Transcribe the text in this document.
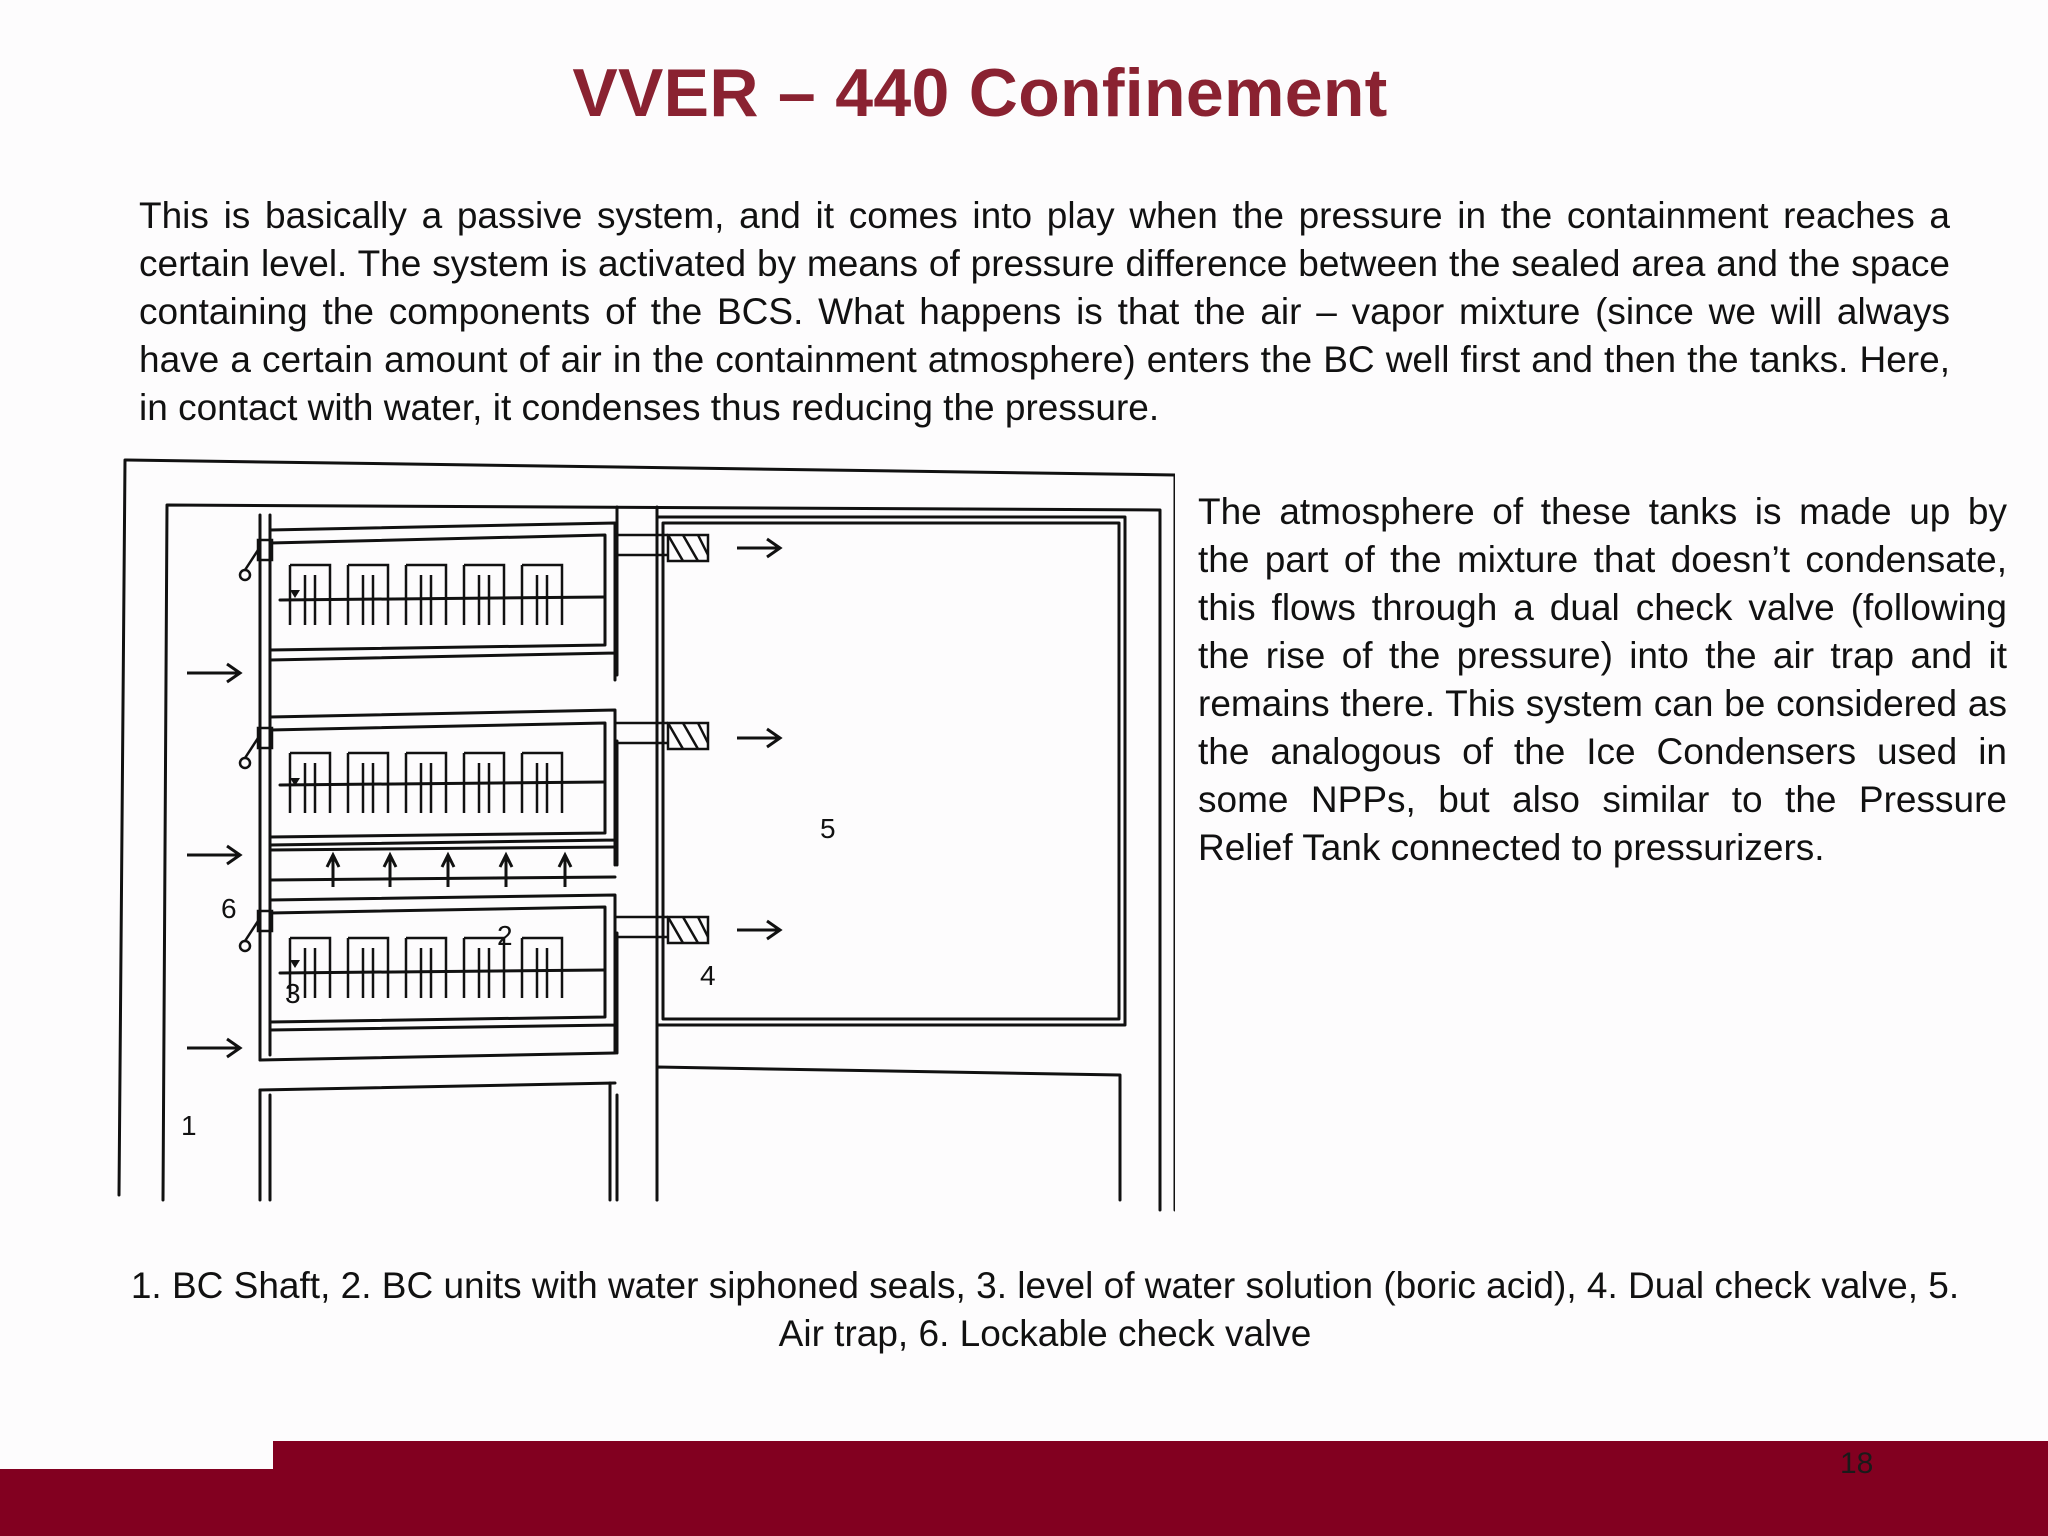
VVER – 440 Confinement

This is basically a passive system, and it comes into play when the pressure in the containment reaches a certain level. The system is activated by means of pressure difference between the sealed area and the space containing the components of the BCS. What happens is that the air – vapor mixture (since we will always have a certain amount of air in the containment atmosphere) enters the BC well first and then the tanks. Here, in contact with water, it condenses thus reducing the pressure.

1
2
3
4
5
6

The atmosphere of these tanks is made up by the part of the mixture that doesn’t condensate, this flows through a dual check valve (following the rise of the pressure) into the air trap and it remains there. This system can be considered as the analogous of the Ice Condensers used in some NPPs, but also similar to the Pressure Relief Tank connected to pressurizers.

1. BC Shaft, 2. BC units with water siphoned seals, 3. level of water solution (boric acid), 4. Dual check valve, 5. Air trap, 6. Lockable check valve

18
